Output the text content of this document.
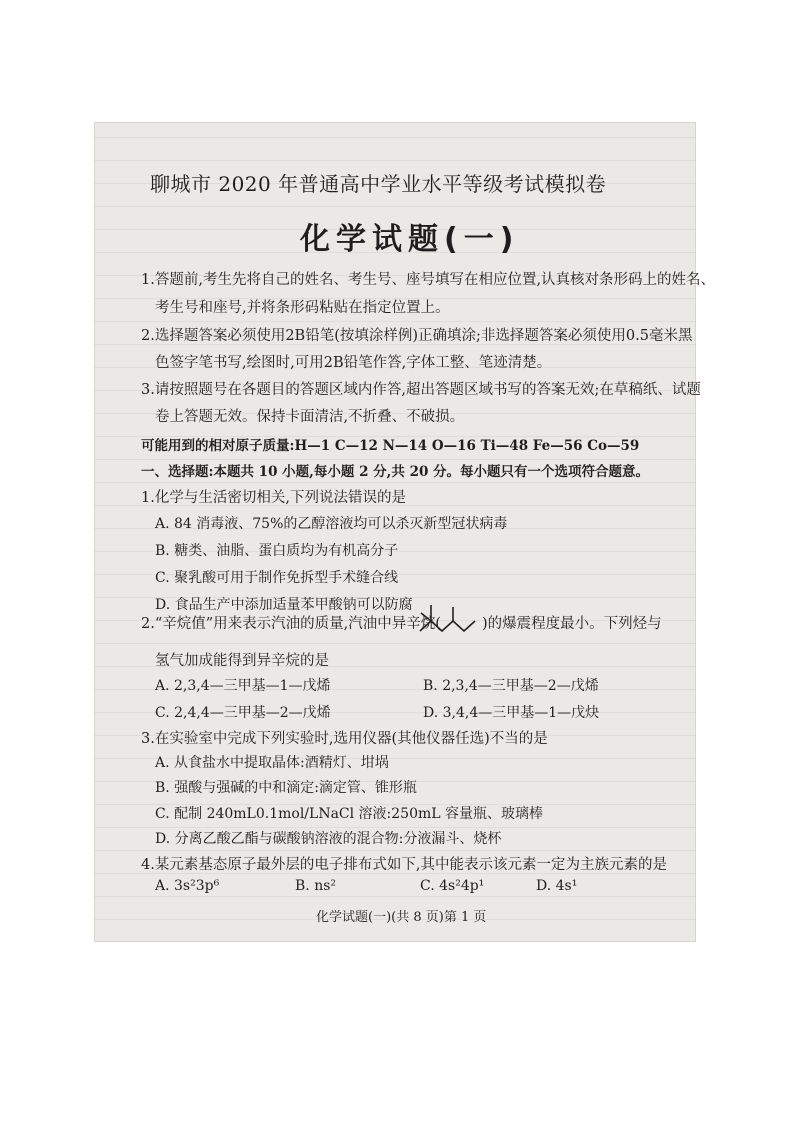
聊城市 2020 年普通高中学业水平等级考试模拟卷
化学试题(一)
1.答题前,考生先将自己的姓名、考生号、座号填写在相应位置,认真核对条形码上的姓名、
考生号和座号,并将条形码粘贴在指定位置上。
2.选择题答案必须使用2B铅笔(按填涂样例)正确填涂;非选择题答案必须使用0.5毫米黑
色签字笔书写,绘图时,可用2B铅笔作答,字体工整、笔迹清楚。
3.请按照题号在各题目的答题区域内作答,超出答题区域书写的答案无效;在草稿纸、试题
卷上答题无效。保持卡面清洁,不折叠、不破损。
可能用到的相对原子质量:H—1 C—12 N—14 O—16 Ti—48 Fe—56 Co—59
一、选择题:本题共 10 小题,每小题 2 分,共 20 分。每小题只有一个选项符合题意。
1.化学与生活密切相关,下列说法错误的是
A. 84 消毒液、75%的乙醇溶液均可以杀灭新型冠状病毒
B. 糖类、油脂、蛋白质均为有机高分子
C. 聚乳酸可用于制作免拆型手术缝合线
D. 食品生产中添加适量苯甲酸钠可以防腐
2.“辛烷值”用来表示汽油的质量,汽油中异辛烷(	)的爆震程度最小。下列烃与
氢气加成能得到异辛烷的是
A. 2,3,4—三甲基—1—戊烯	B. 2,3,4—三甲基—2—戊烯
C. 2,4,4—三甲基—2—戊烯	D. 3,4,4—三甲基—1—戊炔
3.在实验室中完成下列实验时,选用仪器(其他仪器任选)不当的是
A. 从食盐水中提取晶体:酒精灯、坩埚
B. 强酸与强碱的中和滴定:滴定管、锥形瓶
C. 配制 240mL0.1mol/LNaCl 溶液:250mL 容量瓶、玻璃棒
D. 分离乙酸乙酯与碳酸钠溶液的混合物:分液漏斗、烧杯
4.某元素基态原子最外层的电子排布式如下,其中能表示该元素一定为主族元素的是
A. 3s²3p⁶	B. ns²	C. 4s²4p¹	D. 4s¹
化学试题(一)(共 8 页)第 1 页
